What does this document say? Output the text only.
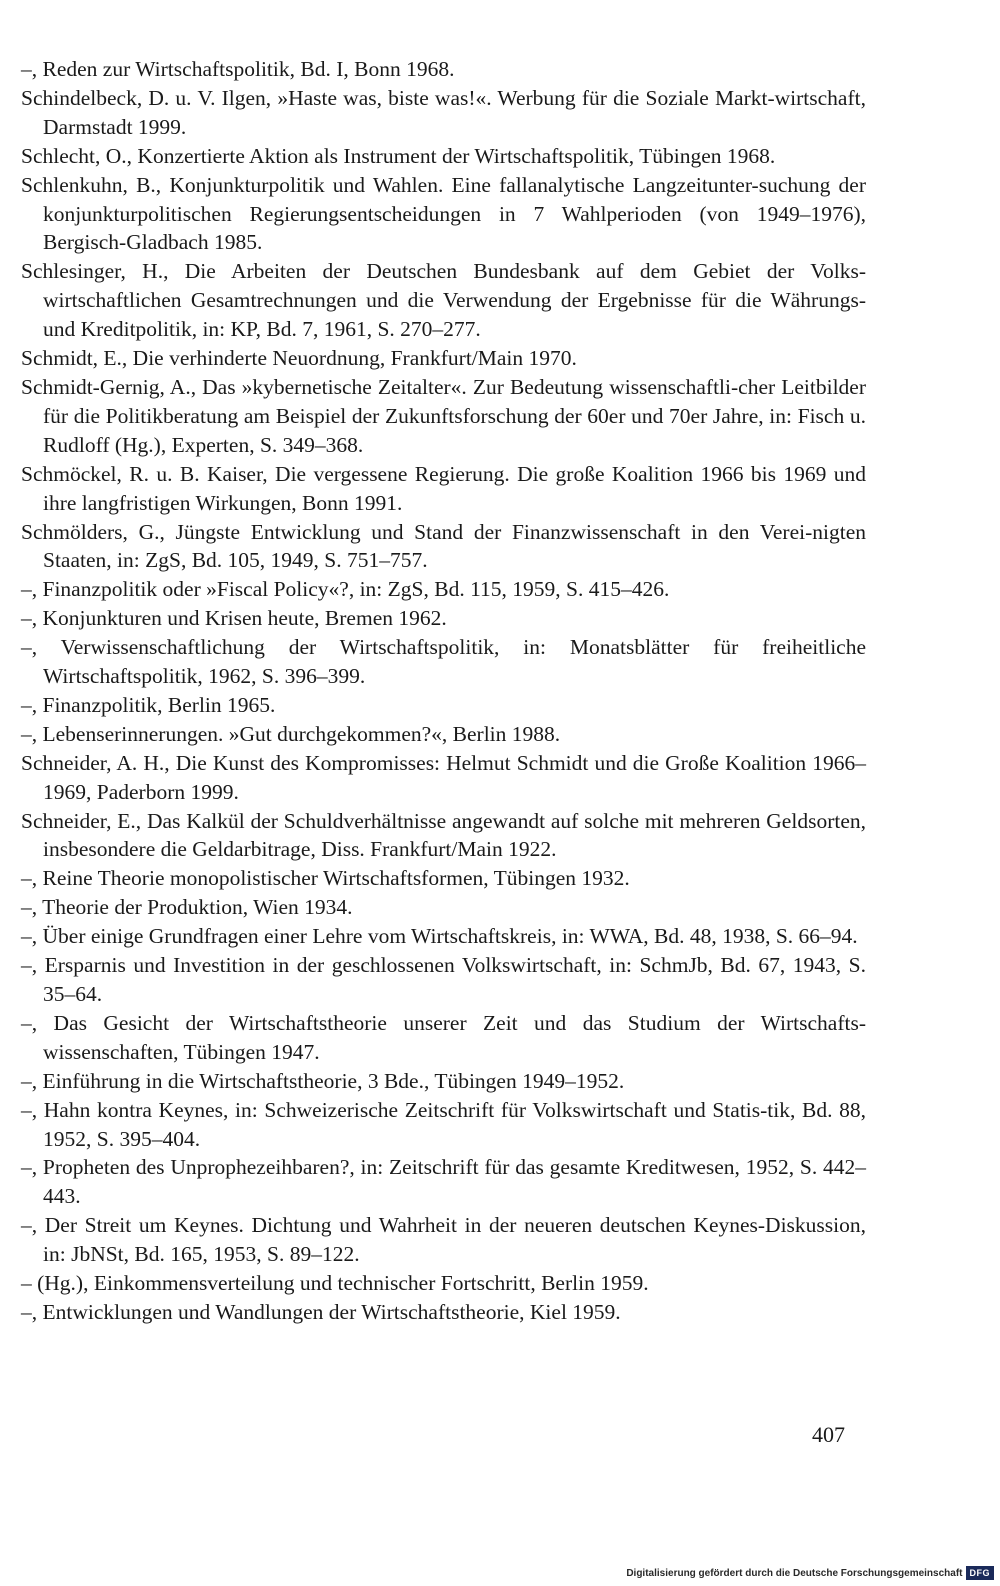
–, Reden zur Wirtschaftspolitik, Bd. I, Bonn 1968.
Schindelbeck, D. u. V. Ilgen, »Haste was, biste was!«. Werbung für die Soziale Markt-wirtschaft, Darmstadt 1999.
Schlecht, O., Konzertierte Aktion als Instrument der Wirtschaftspolitik, Tübingen 1968.
Schlenkuhn, B., Konjunkturpolitik und Wahlen. Eine fallanalytische Langzeitunter-suchung der konjunkturpolitischen Regierungsentscheidungen in 7 Wahlperioden (von 1949–1976), Bergisch-Gladbach 1985.
Schlesinger, H., Die Arbeiten der Deutschen Bundesbank auf dem Gebiet der Volks-wirtschaftlichen Gesamtrechnungen und die Verwendung der Ergebnisse für die Währungs- und Kreditpolitik, in: KP, Bd. 7, 1961, S. 270–277.
Schmidt, E., Die verhinderte Neuordnung, Frankfurt/Main 1970.
Schmidt-Gernig, A., Das »kybernetische Zeitalter«. Zur Bedeutung wissenschaftli-cher Leitbilder für die Politikberatung am Beispiel der Zukunftsforschung der 60er und 70er Jahre, in: Fisch u. Rudloff (Hg.), Experten, S. 349–368.
Schmöckel, R. u. B. Kaiser, Die vergessene Regierung. Die große Koalition 1966 bis 1969 und ihre langfristigen Wirkungen, Bonn 1991.
Schmölders, G., Jüngste Entwicklung und Stand der Finanzwissenschaft in den Verei-nigten Staaten, in: ZgS, Bd. 105, 1949, S. 751–757.
–, Finanzpolitik oder »Fiscal Policy«?, in: ZgS, Bd. 115, 1959, S. 415–426.
–, Konjunkturen und Krisen heute, Bremen 1962.
–, Verwissenschaftlichung der Wirtschaftspolitik, in: Monatsblätter für freiheitliche Wirtschaftspolitik, 1962, S. 396–399.
–, Finanzpolitik, Berlin 1965.
–, Lebenserinnerungen. »Gut durchgekommen?«, Berlin 1988.
Schneider, A. H., Die Kunst des Kompromisses: Helmut Schmidt und die Große Koalition 1966–1969, Paderborn 1999.
Schneider, E., Das Kalkül der Schuldverhältnisse angewandt auf solche mit mehreren Geldsorten, insbesondere die Geldarbitrage, Diss. Frankfurt/Main 1922.
–, Reine Theorie monopolistischer Wirtschaftsformen, Tübingen 1932.
–, Theorie der Produktion, Wien 1934.
–, Über einige Grundfragen einer Lehre vom Wirtschaftskreis, in: WWA, Bd. 48, 1938, S. 66–94.
–, Ersparnis und Investition in der geschlossenen Volkswirtschaft, in: SchmJb, Bd. 67, 1943, S. 35–64.
–, Das Gesicht der Wirtschaftstheorie unserer Zeit und das Studium der Wirtschafts-wissenschaften, Tübingen 1947.
–, Einführung in die Wirtschaftstheorie, 3 Bde., Tübingen 1949–1952.
–, Hahn kontra Keynes, in: Schweizerische Zeitschrift für Volkswirtschaft und Statis-tik, Bd. 88, 1952, S. 395–404.
–, Propheten des Unprophezeihbaren?, in: Zeitschrift für das gesamte Kreditwesen, 1952, S. 442–443.
–, Der Streit um Keynes. Dichtung und Wahrheit in der neueren deutschen Keynes-Diskussion, in: JbNSt, Bd. 165, 1953, S. 89–122.
– (Hg.), Einkommensverteilung und technischer Fortschritt, Berlin 1959.
–, Entwicklungen und Wandlungen der Wirtschaftstheorie, Kiel 1959.

407

Digitalisierung gefördert durch die Deutsche Forschungsgemeinschaft DFG
